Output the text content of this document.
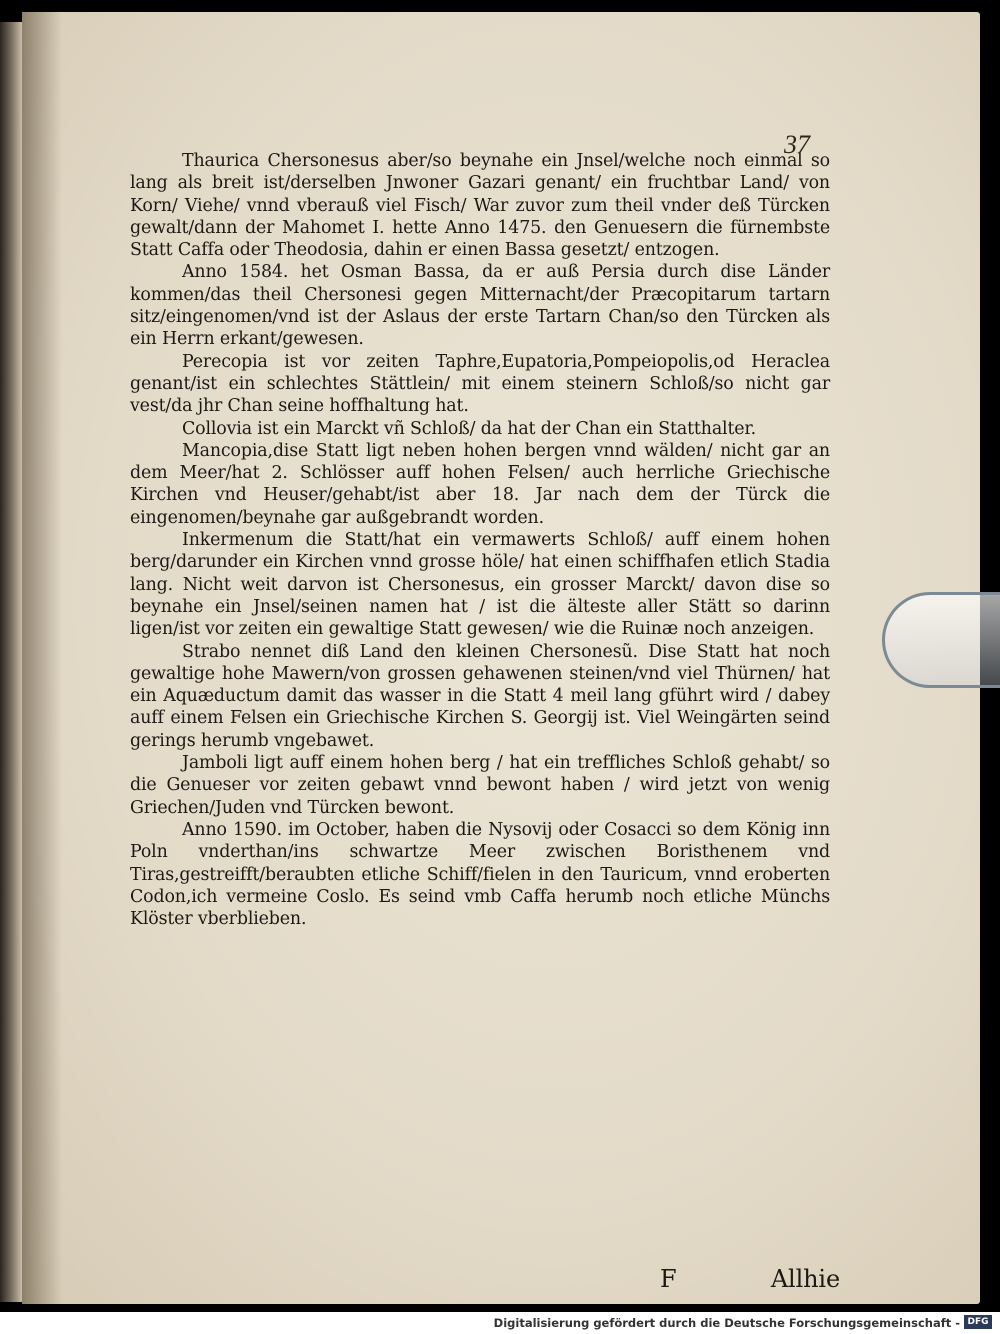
37

Thaurica Chersonesus aber/so beynahe ein Jnsel/welche noch einmal so lang als breit ist/derselben Jnwoner Gazari genant/ ein fruchtbar Land/ von Korn/ Viehe/ vnnd vberauß viel Fisch/ War zuvor zum theil vnder deß Türcken gewalt/dann der Mahomet I. hette Anno 1475. den Genuesern die fürnembste Statt Caffa oder Theodosia, dahin er einen Bassa gesetzt/ entzogen.

Anno 1584. het Osman Bassa, da er auß Persia durch dise Länder kommen/das theil Chersonesi gegen Mitternacht/der Præcopitarum tartarn sitz/eingenomen/vnd ist der Aslaus der erste Tartarn Chan/so den Türcken als ein Herrn erkant/gewesen.

Perecopia ist vor zeiten Taphre,Eupatoria,Pompeiopolis,od Heraclea genant/ist ein schlechtes Stättlein/ mit einem steinern Schloß/so nicht gar vest/da jhr Chan seine hoffhaltung hat.

Collovia ist ein Marckt vñ Schloß/ da hat der Chan ein Statthalter.

Mancopia,dise Statt ligt neben hohen bergen vnnd wälden/ nicht gar an dem Meer/hat 2. Schlösser auff hohen Felsen/ auch herrliche Griechische Kirchen vnd Heuser/gehabt/ist aber 18. Jar nach dem der Türck die eingenomen/beynahe gar außgebrandt worden.

Inkermenum die Statt/hat ein vermawerts Schloß/ auff einem hohen berg/darunder ein Kirchen vnnd grosse höle/ hat einen schiffhafen etlich Stadia lang. Nicht weit darvon ist Chersonesus, ein grosser Marckt/ davon dise so beynahe ein Jnsel/seinen namen hat / ist die älteste aller Stätt so darinn ligen/ist vor zeiten ein gewaltige Statt gewesen/ wie die Ruinæ noch anzeigen.

Strabo nennet diß Land den kleinen Chersonesũ. Dise Statt hat noch gewaltige hohe Mawern/von grossen gehawenen steinen/vnd viel Thürnen/ hat ein Aquæductum damit das wasser in die Statt 4 meil lang gführt wird / dabey auff einem Felsen ein Griechische Kirchen S. Georgij ist. Viel Weingärten seind gerings herumb vngebawet.

Jamboli ligt auff einem hohen berg / hat ein treffliches Schloß gehabt/ so die Genueser vor zeiten gebawt vnnd bewont haben / wird jetzt von wenig Griechen/Juden vnd Türcken bewont.

Anno 1590. im October, haben die Nysovij oder Cosacci so dem König inn Poln vnderthan/ins schwartze Meer zwischen Boristhenem vnd Tiras,gestreifft/beraubten etliche Schiff/fielen in den Tauricum, vnnd eroberten Codon,ich vermeine Coslo. Es seind vmb Caffa herumb noch etliche Münchs Klöster vberblieben.

F	Allhie
Digitalisierung gefördert durch die Deutsche Forschungsgemeinschaft - DFG
